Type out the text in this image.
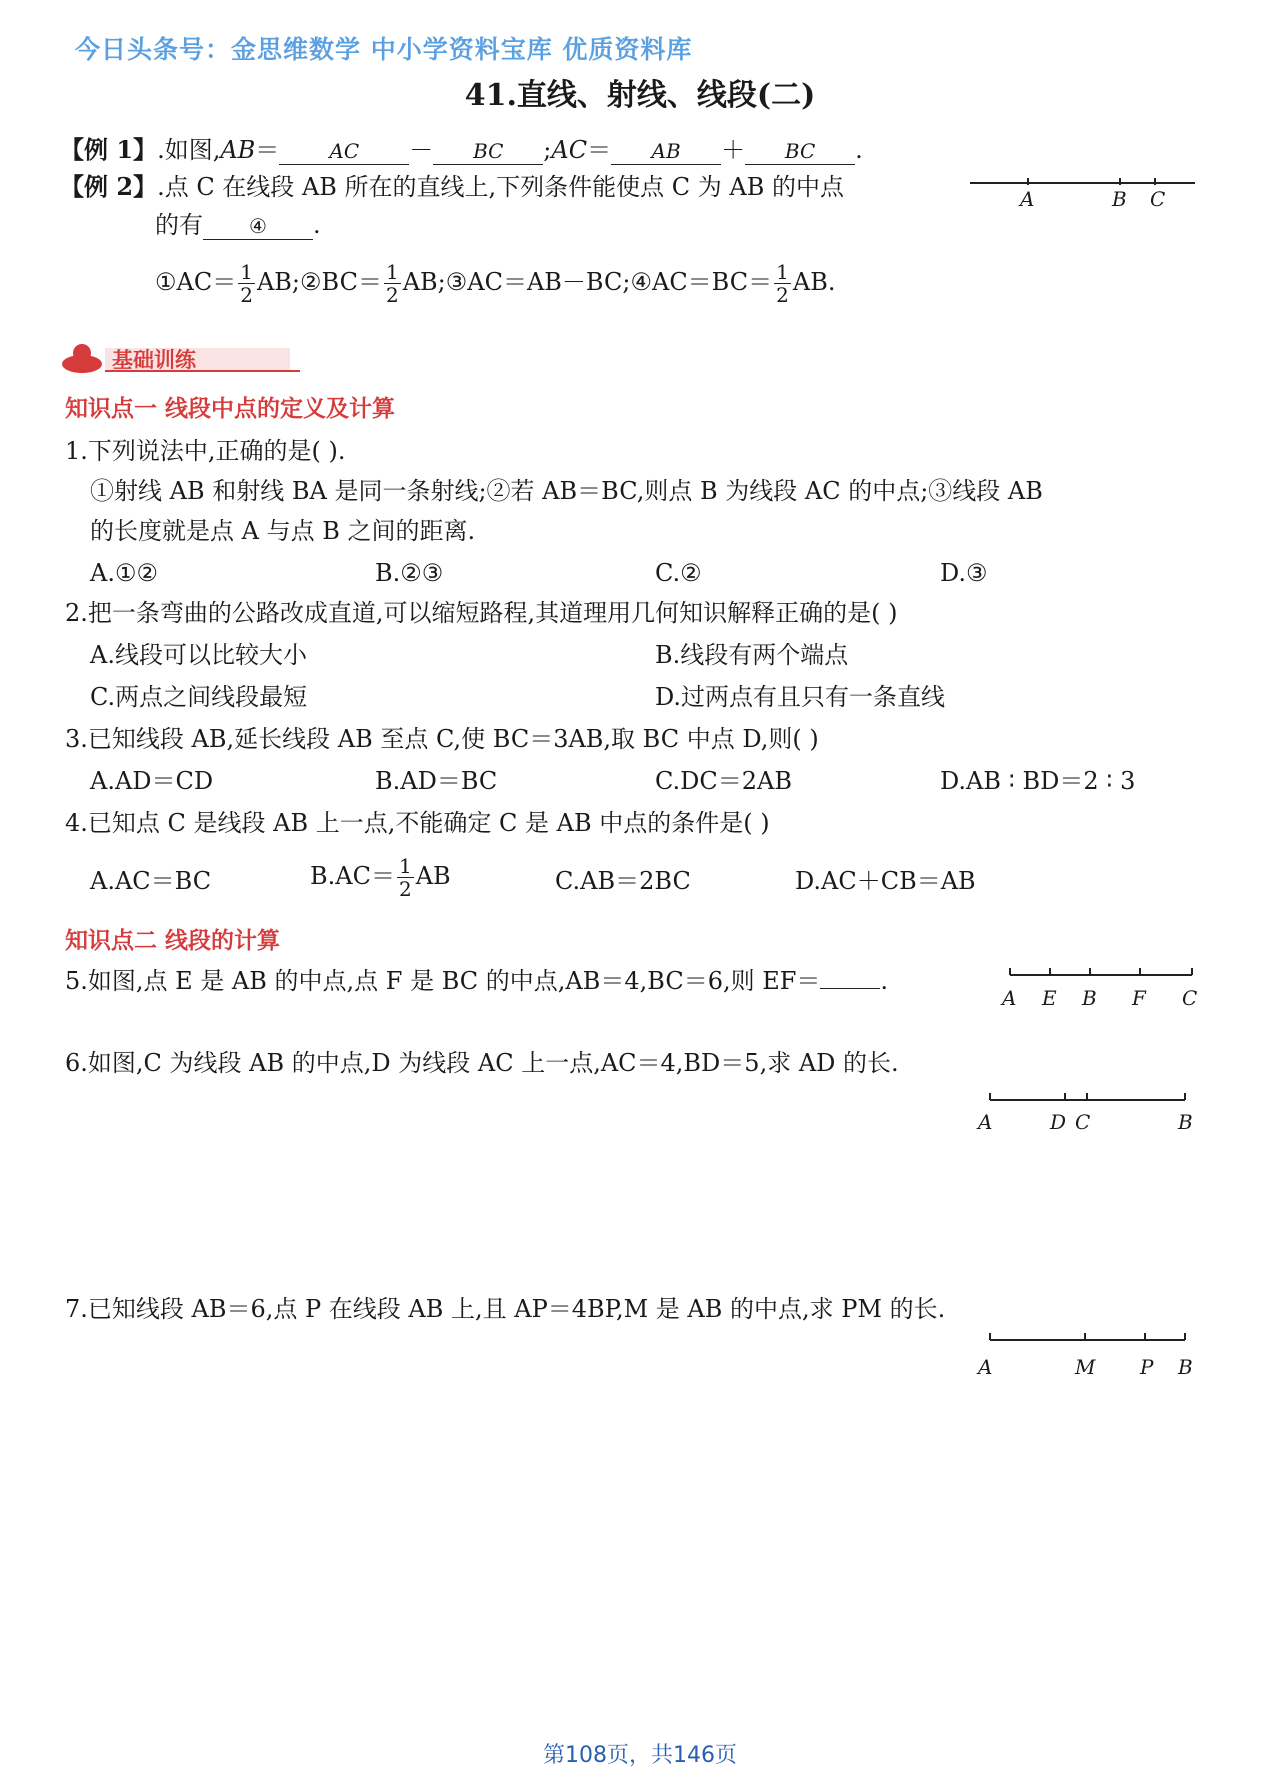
今日头条号：金思维数学 中小学资料宝库 优质资料库
41.直线、射线、线段(二)
【例 1】.如图,AB＝	AC － BC ;AC＝ AB ＋ BC .
【例 2】.点 C 在线段 AB 所在的直线上,下列条件能使点 C 为 AB 的中点
的有 ④ .
①AC＝ $\frac{1}{2}$ AB;②BC＝ $\frac{1}{2}$ AB;③AC＝AB－BC;④AC＝BC＝ $\frac{1}{2}$ AB.
A	B C
基础训练
知识点一 线段中点的定义及计算
1.下列说法中,正确的是( ).
①射线 AB 和射线 BA 是同一条射线;②若 AB＝BC,则点 B 为线段 AC 的中点;③线段 AB
的长度就是点 A 与点 B 之间的距离.
A.①②	B.②③	C.②	D.③
2.把一条弯曲的公路改成直道,可以缩短路程,其道理用几何知识解释正确的是( )
A.线段可以比较大小	B.线段有两个端点
C.两点之间线段最短	D.过两点有且只有一条直线
3.已知线段 AB,延长线段 AB 至点 C,使 BC＝3AB,取 BC 中点 D,则( )
A.AD＝CD	B.AD＝BC	C.DC＝2AB	D.AB ∶ BD＝2 ∶ 3
4.已知点 C 是线段 AB 上一点,不能确定 C 是 AB 中点的条件是( )
A.AC＝BC	$B.AC= \frac{1}{2}$ AB	C.AB＝2BC	D.AC＋CB＝AB
知识点二 线段的计算
5.如图,点 E 是 AB 的中点,点 F 是 BC 的中点,AB＝4,BC＝6,则 EF＝	.
A E B F C
6.如图,C 为线段 AB 的中点,D 为线段 AC 上一点,AC＝4,BD＝5,求 AD 的长.
A	D C	B
7.已知线段 AB＝6,点 P 在线段 AB 上,且 AP＝4BP,M 是 AB 的中点,求 PM 的长.
A	M P B
第108页，共146页
